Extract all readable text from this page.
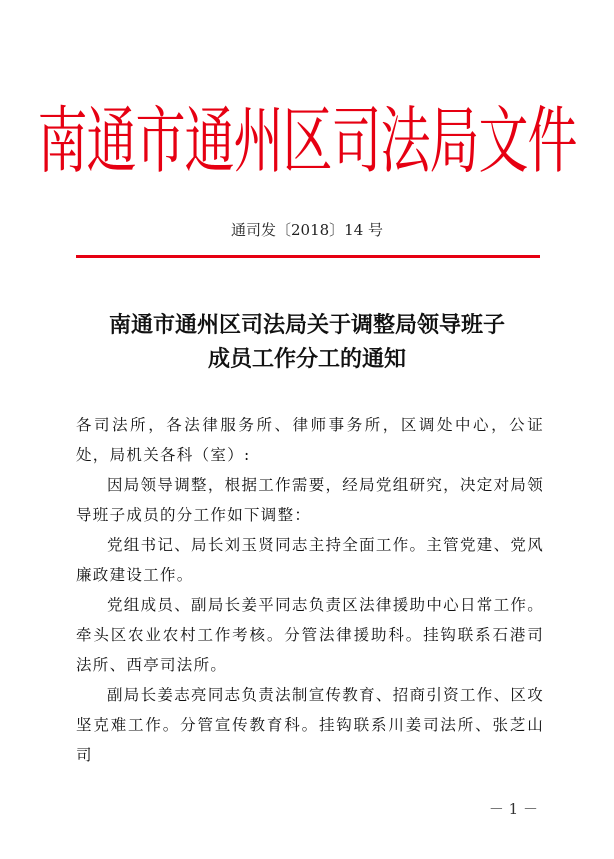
南通市通州区司法局文件
通司发〔2018〕14 号
南通市通州区司法局关于调整局领导班子
成员工作分工的通知

各司法所，各法律服务所、律师事务所，区调处中心，公证处，局机关各科（室）:

因局领导调整，根据工作需要，经局党组研究，决定对局领导班子成员的分工作如下调整：

党组书记、局长刘玉贤同志主持全面工作。主管党建、党风廉政建设工作。

党组成员、副局长姜平同志负责区法律援助中心日常工作。牵头区农业农村工作考核。分管法律援助科。挂钩联系石港司法所、西亭司法所。

副局长姜志亮同志负责法制宣传教育、招商引资工作、区攻坚克难工作。分管宣传教育科。挂钩联系川姜司法所、张芝山司

－ 1 －
